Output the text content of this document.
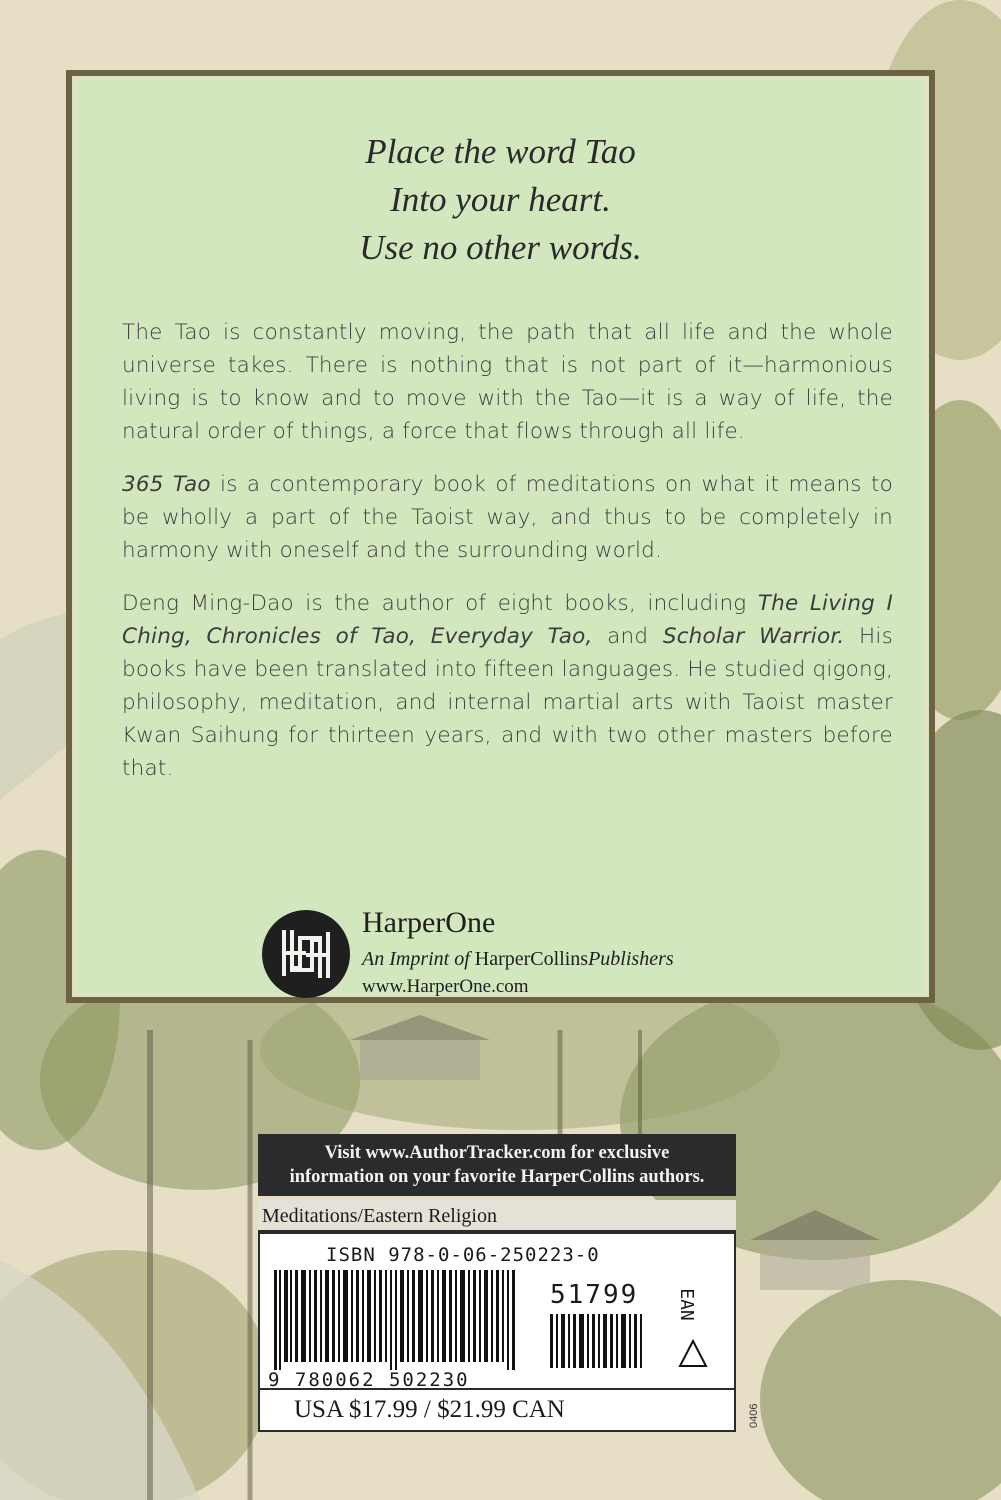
Place the word Tao
Into your heart.
Use no other words.

The Tao is constantly moving, the path that all life and the whole universe takes. There is nothing that is not part of it—harmonious living is to know and to move with the Tao—it is a way of life, the natural order of things, a force that flows through all life.

365 Tao is a contemporary book of meditations on what it means to be wholly a part of the Taoist way, and thus to be completely in harmony with oneself and the surrounding world.

Deng Ming-Dao is the author of eight books, including The Living I Ching, Chronicles of Tao, Everyday Tao, and Scholar Warrior. His books have been translated into fifteen languages. He studied qigong, philosophy, meditation, and internal martial arts with Taoist master Kwan Saihung for thirteen years, and with two other masters before that.

HarperOne
An Imprint of HarperCollinsPublishers
www.HarperOne.com
Visit www.AuthorTracker.com for exclusive
information on your favorite HarperCollins authors.
Meditations/Eastern Religion
ISBN 978-0-06-250223-0
51799 EAN
9 780062 502230
USA $17.99 / $21.99 CAN	0406
